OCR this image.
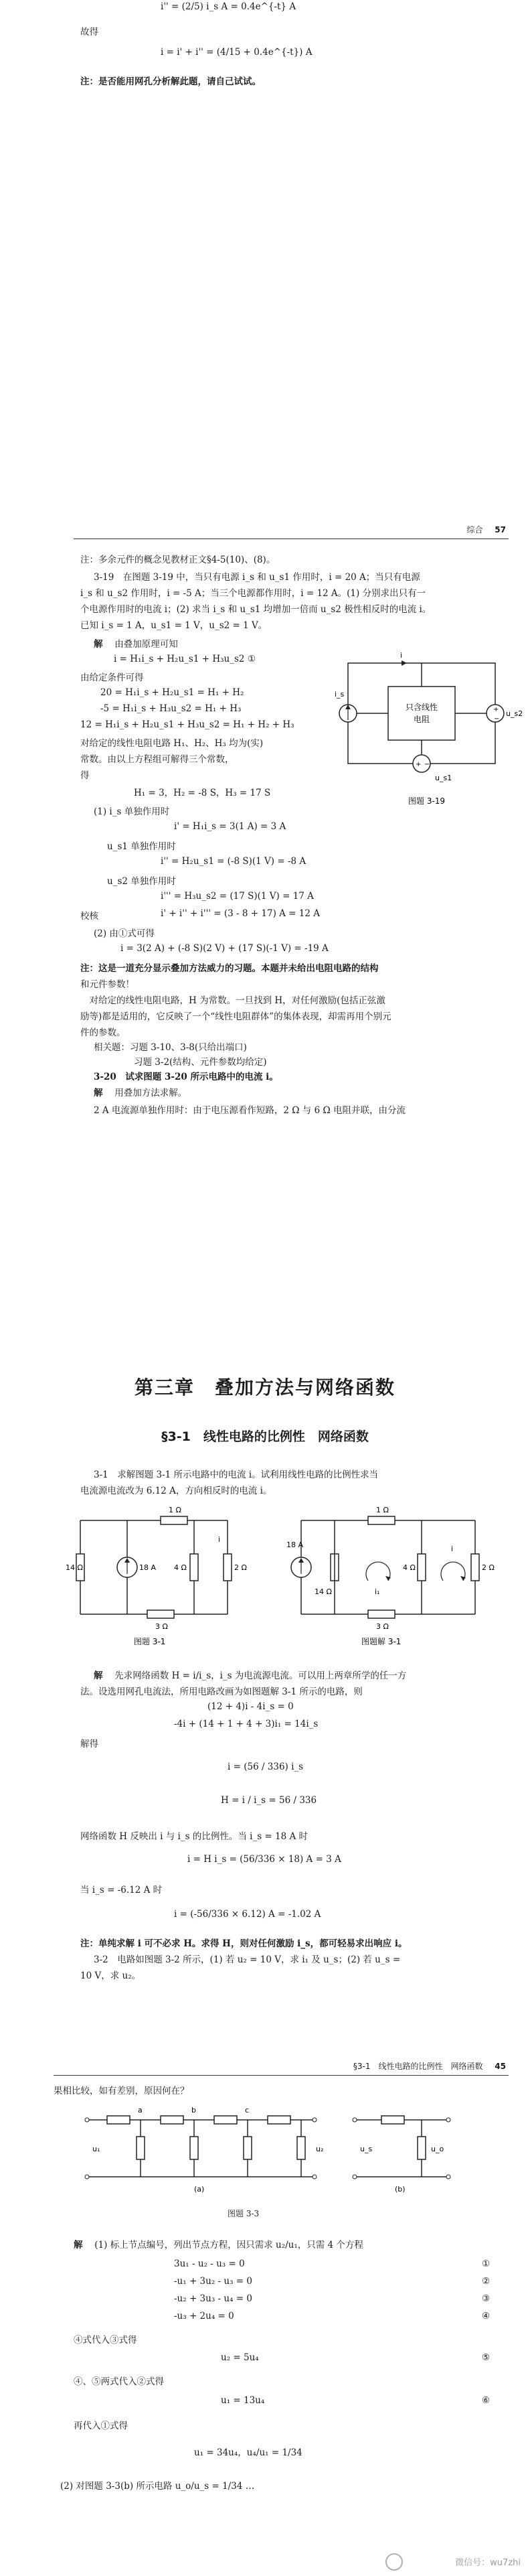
i'' = (2/5) i_s A = 0.4e^{-t} A
故得
i = i' + i'' = (4/15 + 0.4e^{-t}) A
注：是否能用网孔分析解此题，请自己试试。
综合 57
注：多余元件的概念见教材正文§4-5(10)、(8)。
3-19　在图题 3-19 中，当只有电源 i_s 和 u_s1 作用时，i = 20 A；当只有电源
i_s 和 u_s2 作用时，i = -5 A；当三个电源都作用时，i = 12 A。(1) 分别求出只有一
个电源作用时的电流 i；(2) 求当 i_s 和 u_s1 均增加一倍而 u_s2 极性相反时的电流 i。
已知 i_s = 1 A，u_s1 = 1 V，u_s2 = 1 V。
解　 由叠加原理可知
i = H₁i_s + H₂u_s1 + H₃u_s2 ①
由给定条件可得
20 = H₁i_s + H₂u_s1 = H₁ + H₂
-5 = H₁i_s + H₃u_s2 = H₁ + H₃
12 = H₁i_s + H₂u_s1 + H₃u_s2 = H₁ + H₂ + H₃
对给定的线性电阻电路 H₁、H₂、H₃ 均为(实)
常数。由以上方程组可解得三个常数，
得
H₁ = 3，H₂ = -8 S，H₃ = 17 S
只含线性
电阻
i_s
+
−
u_s2
+ −
u_s1
i
图题 3-19
(1) i_s 单独作用时
i' = H₁i_s = 3(1 A) = 3 A
u_s1 单独作用时
i'' = H₂u_s1 = (-8 S)(1 V) = -8 A
u_s2 单独作用时
i''' = H₃u_s2 = (17 S)(1 V) = 17 A
校核	i' + i'' + i''' = (3 - 8 + 17) A = 12 A
(2) 由①式可得
i = 3(2 A) + (-8 S)(2 V) + (17 S)(-1 V) = -19 A
注：这是一道充分显示叠加方法威力的习题。本题并未给出电阻电路的结构
和元件参数！
　对给定的线性电阻电路，H 为常数。一旦找到 H，对任何激励(包括正弦激
励等)都是适用的，它反映了一个“线性电阻群体”的集体表现，却需再用个别元
件的参数。
相关题：习题 3-10、3-8(只给出端口)
习题 3-2(结构、元件参数均给定)
3-20　试求图题 3-20 所示电路中的电流 i。
解　 用叠加方法求解。
2 A 电流源单独作用时：由于电压源看作短路，2 Ω 与 6 Ω 电阻并联，由分流
第三章　叠加方法与网络函数
§3-1　线性电路的比例性　网络函数
3-1　求解图题 3-1 所示电路中的电流 i。试利用线性电路的比例性求当
电流源电流改为 6.12 A，方向相反时的电流 i。
14 Ω	18 A
1 Ω
4 Ω	2 Ω
3 Ω
i
图题 3-1
18 A
14 Ω
1 Ω
4 Ω	2 Ω
3 Ω
i₁
i
图题解 3-1
解　 先求网络函数 H = i/i_s，i_s 为电流源电流。可以用上两章所学的任一方
法。设选用网孔电流法，所用电路改画为如图题解 3-1 所示的电路，则
(12 + 4)i - 4i_s = 0
-4i + (14 + 1 + 4 + 3)i₁ = 14i_s
解得
i = (56 / 336) i_s
H = i / i_s = 56 / 336
网络函数 H 反映出 i 与 i_s 的比例性。当 i_s = 18 A 时
i = H i_s = (56/336 × 18) A = 3 A
当 i_s = -6.12 A 时
i = (-56/336 × 6.12) A = -1.02 A
注：单纯求解 i 可不必求 H。求得 H，则对任何激励 i_s，都可轻易求出响应 i。
3-2　电路如图题 3-2 所示，(1) 若 u₂ = 10 V，求 i₁ 及 u_s；(2) 若 u_s =
10 V，求 u₂。
§3-1　线性电路的比例性　网络函数 45
果相比较，如有差别，原因何在？
a	b	c
u₁	u₂
(a)
u_s	u_o
(b)
图题 3-3
解　 (1) 标上节点编号，列出节点方程，因只需求 u₂/u₁，只需 4 个方程
3u₁ - u₂ - u₃ = 0	①
-u₁ + 3u₂ - u₃ = 0	②
-u₂ + 3u₃ - u₄ = 0	③
-u₃ + 2u₄ = 0	④
④式代入③式得
u₂ = 5u₄	⑤
④、⑤两式代入②式得
u₁ = 13u₄	⑥
再代入①式得
u₁ = 34u₄，u₄/u₁ = 1/34
(2) 对图题 3-3(b) 所示电路 u_o/u_s = 1/34 …
微信号：wu7zhi
